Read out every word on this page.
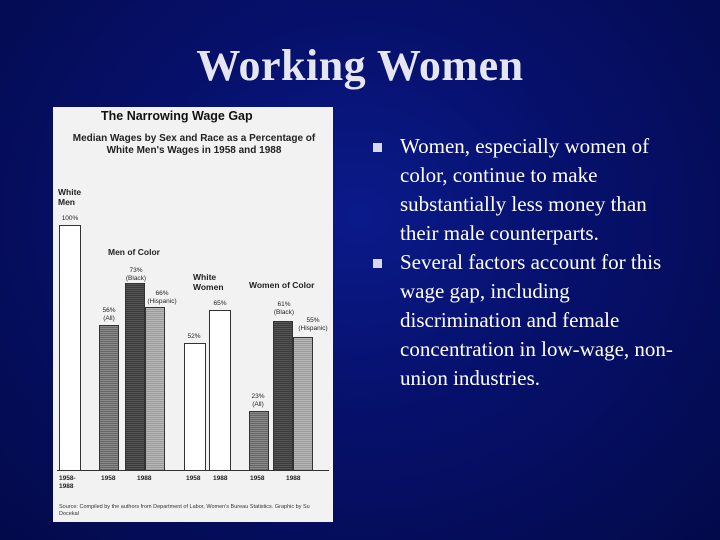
Working Women
The Narrowing Wage Gap
Median Wages by Sex and Race as a Percentage of White Men's Wages in 1958 and 1988
White Men
Men of Color
White Women	Women of Color
100%
56% (All)
73% (Black)
66% (Hispanic)
52%
65%
23% (All)
61% (Black)
55% (Hispanic)
1958-1988
1958	1988	1958 1988	1958	1988
Source: Compiled by the authors from Department of Labor, Women's Bureau Statistics. Graphic by Su Docekal
Women, especially women of color, continue to make substantially less money than their male counterparts.
Several factors account for this wage gap, including discrimination and female concentration in low-wage, non-union industries.
